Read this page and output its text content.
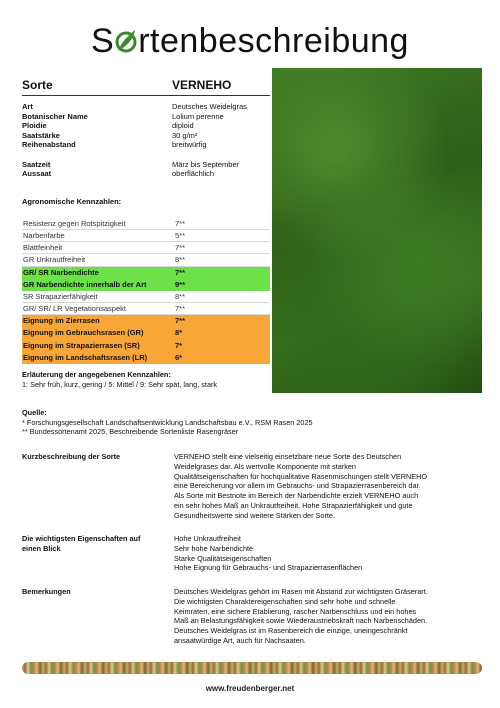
S rtenbeschreibung
Sorte	VERNEHO
Art	Deutsches Weidelgras
Botanischer Name	Lolium perenne
Ploidie	diploid
Saatstärke	30 g/m²
Reihenabstand	breitwürfig
Saatzeit	März bis September
Aussaat	oberflächlich
Agronomische Kennzahlen:
Resistenz gegen Rotspitzigkeit	7**
Narbenfarbe	5**
Blattfeinheit	7**
GR Unkrautfreiheit	8**
GR/ SR Narbendichte	7**
GR Narbendichte innerhalb der Art	9**
SR Strapazierfähigkeit	8**
GR/ SR/ LR Vegetationsaspekt	7**
Eignung im Zierrasen	7**
Eignung im Gebrauchsrasen (GR)	8*
Eignung im Strapazierrasen (SR)	7*
Eignung im Landschaftsrasen (LR)	6*
Erläuterung der angegebenen Kennzahlen:
1: Sehr früh, kurz, gering / 5: Mittel / 9: Sehr spät, lang, stark
Quelle:
* Forschungsgesellschaft Landschaftsentwicklung Landschaftsbau e.V., RSM Rasen 2025
** Bundessortenamt 2025, Beschreibende Sortenliste Rasengräser
Kurzbeschreibung der Sorte	VERNEHO stellt eine vielseitig einsetzbare neue Sorte des Deutschen
Weidelgrases dar. Als wertvolle Komponente mit starken
Qualitätseigenschaften für hochqualitative Rasenmischungen stellt VERNEHO
eine Bereicherung vor allem im Gebrauchs- und Strapazierrasenbereich dar.
Als Sorte mit Bestnote im Bereich der Narbendichte erzielt VERNEHO auch
ein sehr hohes Maß an Unkrautfreiheit. Hohe Strapazierfähigkeit und gute
Gesundheitswerte sind weitere Stärken der Sorte.
Die wichtigsten Eigenschaften auf
einen Blick
Hohe Unkrautfreiheit
Sehr hohe Narbendichte
Starke Qualitätseigenschaften
Hohe Eignung für Gebrauchs- und Strapazierrasenflächen
Bemerkungen	Deutsches Weidelgras gehört im Rasen mit Abstand zur wichtigsten Gräserart.
Die wichtigsten Charaktereigenschaften sind sehr hohe und schnelle
Keimraten, eine sichere Etablierung, rascher Narbenschluss und ein hohes
Maß an Belastungsfähigkeit sowie Wiederaustriebskraft nach Narbenschäden.
Deutsches Weidelgras ist im Rasenbereich die einzige, uneingeschränkt
ansaatwürdige Art, auch für Nachsaaten.
www.freudenberger.net
